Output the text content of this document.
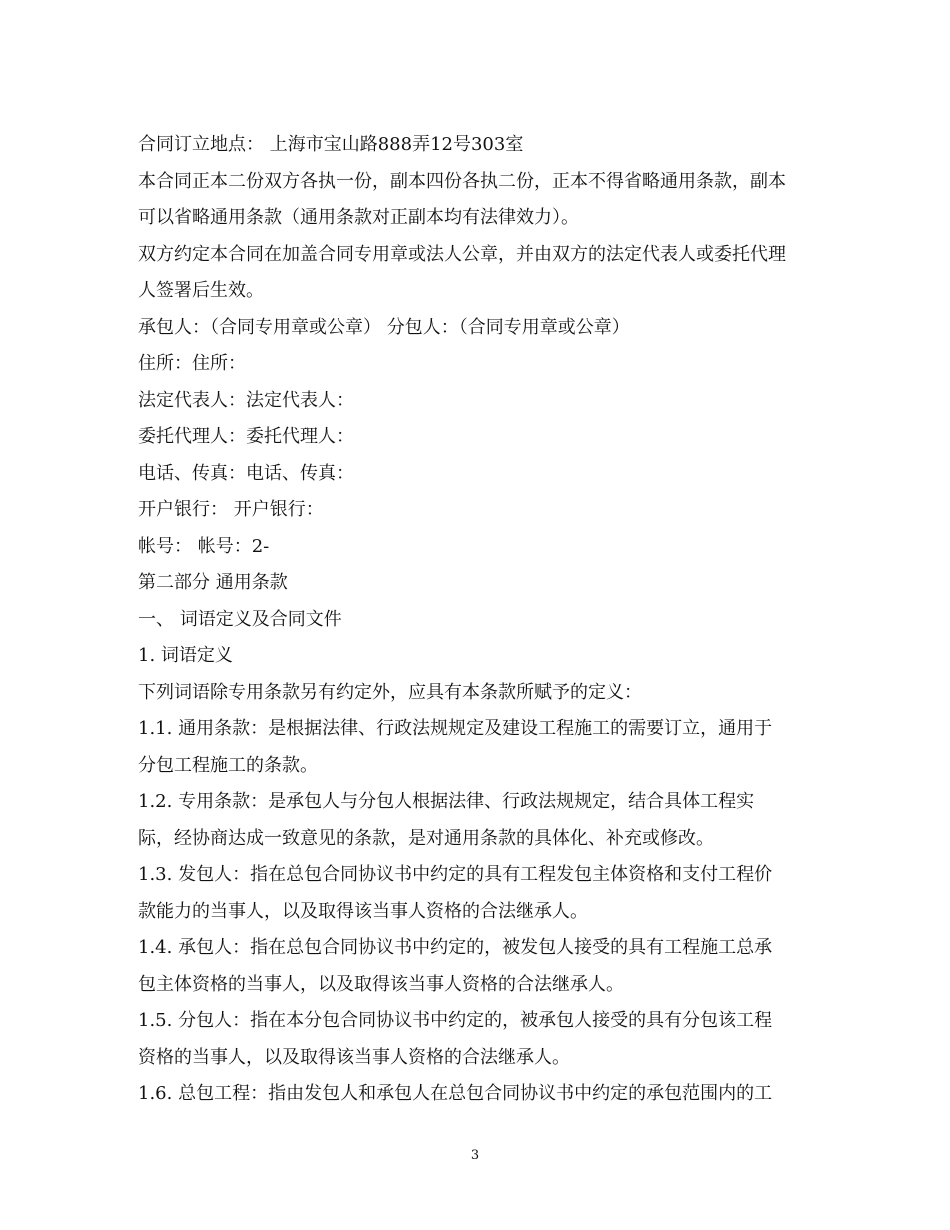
合同订立地点： 上海市宝山路888弄12号303室
本合同正本二份双方各执一份，副本四份各执二份，正本不得省略通用条款，副本
可以省略通用条款（通用条款对正副本均有法律效力）。
双方约定本合同在加盖合同专用章或法人公章，并由双方的法定代表人或委托代理
人签署后生效。
承包人：（合同专用章或公章） 分包人：（合同专用章或公章）
住所：住所：
法定代表人：法定代表人：
委托代理人：委托代理人：
电话、传真：电话、传真：
开户银行： 开户银行：
帐号： 帐号：2-
第二部分 通用条款
一、 词语定义及合同文件
1. 词语定义
下列词语除专用条款另有约定外，应具有本条款所赋予的定义：
1.1. 通用条款：是根据法律、行政法规规定及建设工程施工的需要订立，通用于
分包工程施工的条款。
1.2. 专用条款：是承包人与分包人根据法律、行政法规规定，结合具体工程实
际，经协商达成一致意见的条款，是对通用条款的具体化、补充或修改。
1.3. 发包人：指在总包合同协议书中约定的具有工程发包主体资格和支付工程价
款能力的当事人，以及取得该当事人资格的合法继承人。
1.4. 承包人：指在总包合同协议书中约定的，被发包人接受的具有工程施工总承
包主体资格的当事人，以及取得该当事人资格的合法继承人。
1.5. 分包人：指在本分包合同协议书中约定的，被承包人接受的具有分包该工程
资格的当事人，以及取得该当事人资格的合法继承人。
1.6. 总包工程：指由发包人和承包人在总包合同协议书中约定的承包范围内的工
3
